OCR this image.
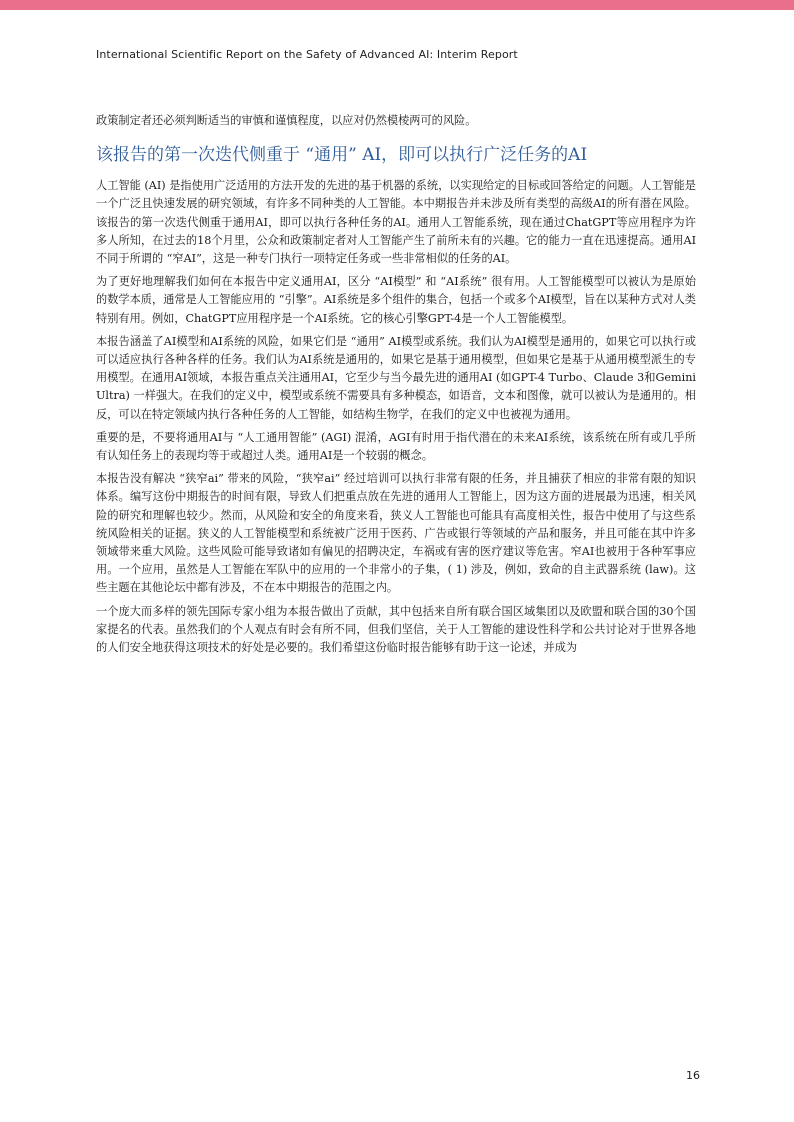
International Scientific Report on the Safety of Advanced AI: Interim Report

政策制定者还必须判断适当的审慎和谨慎程度，以应对仍然模棱两可的风险。

该报告的第一次迭代侧重于 “通用” AI，即可以执行广泛任务的AI

人工智能 (AI) 是指使用广泛适用的方法开发的先进的基于机器的系统，以实现给定的目标或回答给定的问题。人工智能是一个广泛且快速发展的研究领域，有许多不同种类的人工智能。本中期报告并未涉及所有类型的高级AI的所有潜在风险。该报告的第一次迭代侧重于通用AI，即可以执行各种任务的AI。通用人工智能系统，现在通过ChatGPT等应用程序为许多人所知，在过去的18个月里，公众和政策制定者对人工智能产生了前所未有的兴趣。它的能力一直在迅速提高。通用AI不同于所谓的 “窄AI”，这是一种专门执行一项特定任务或一些非常相似的任务的AI。

为了更好地理解我们如何在本报告中定义通用AI，区分 “AI模型” 和 “AI系统” 很有用。人工智能模型可以被认为是原始的数学本质，通常是人工智能应用的 “引擎”。AI系统是多个组件的集合，包括一个或多个AI模型，旨在以某种方式对人类特别有用。例如，ChatGPT应用程序是一个AI系统。它的核心引擎GPT-4是一个人工智能模型。

本报告涵盖了AI模型和AI系统的风险，如果它们是 “通用” AI模型或系统。我们认为AI模型是通用的，如果它可以执行或可以适应执行各种各样的任务。我们认为AI系统是通用的，如果它是基于通用模型，但如果它是基于从通用模型派生的专用模型。在通用AI领域，本报告重点关注通用AI，它至少与当今最先进的通用AI (如GPT-4 Turbo、Claude 3和Gemini Ultra) 一样强大。在我们的定义中，模型或系统不需要具有多种模态，如语音，文本和图像，就可以被认为是通用的。相反，可以在特定领域内执行各种任务的人工智能，如结构生物学，在我们的定义中也被视为通用。

重要的是，不要将通用AI与 “人工通用智能” (AGI) 混淆，AGI有时用于指代潜在的未来AI系统，该系统在所有或几乎所有认知任务上的表现均等于或超过人类。通用AI是一个较弱的概念。

本报告没有解决 “狭窄ai” 带来的风险，“狭窄ai” 经过培训可以执行非常有限的任务，并且捕获了相应的非常有限的知识体系。编写这份中期报告的时间有限，导致人们把重点放在先进的通用人工智能上，因为这方面的进展最为迅速，相关风险的研究和理解也较少。然而，从风险和安全的角度来看，狭义人工智能也可能具有高度相关性，报告中使用了与这些系统风险相关的证据。狭义的人工智能模型和系统被广泛用于医药、广告或银行等领域的产品和服务，并且可能在其中许多领域带来重大风险。这些风险可能导致诸如有偏见的招聘决定，车祸或有害的医疗建议等危害。窄AI也被用于各种军事应用。一个应用，虽然是人工智能在军队中的应用的一个非常小的子集，( 1) 涉及，例如，致命的自主武器系统 (law)。这些主题在其他论坛中都有涉及，不在本中期报告的范围之内。

一个庞大而多样的领先国际专家小组为本报告做出了贡献，其中包括来自所有联合国区域集团以及欧盟和联合国的30个国家提名的代表。虽然我们的个人观点有时会有所不同，但我们坚信，关于人工智能的建设性科学和公共讨论对于世界各地的人们安全地获得这项技术的好处是必要的。我们希望这份临时报告能够有助于这一论述，并成为

16
